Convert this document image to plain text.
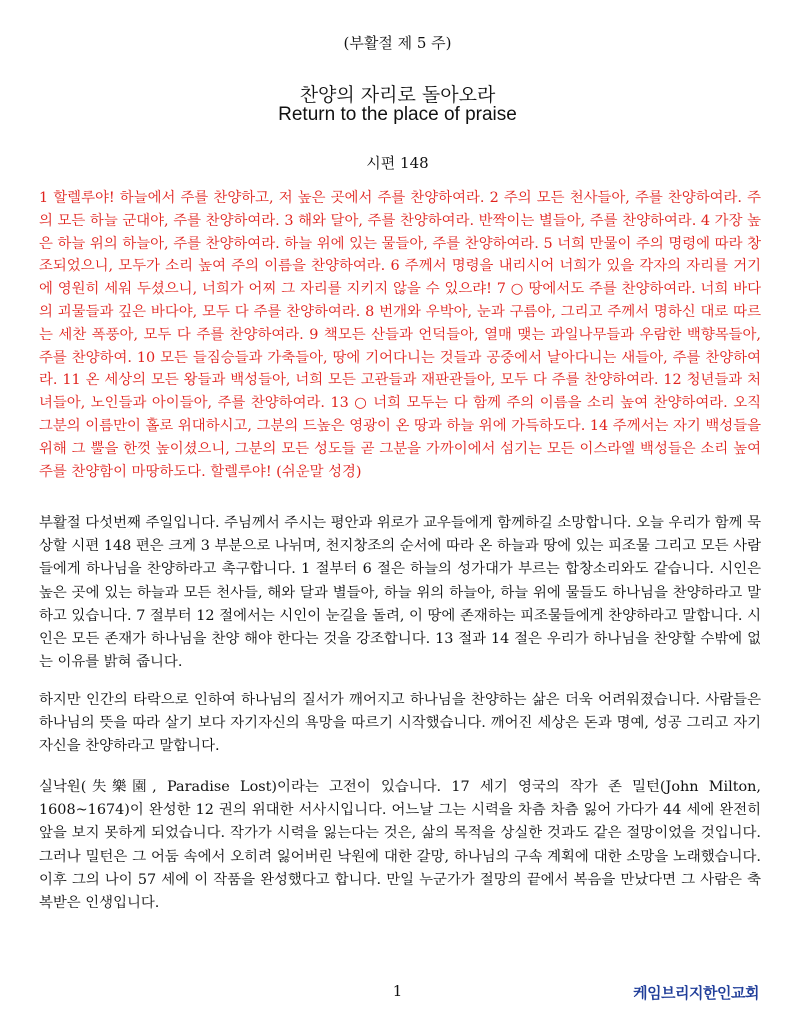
(부활절 제 5 주)
찬양의 자리로 돌아오라
Return to the place of praise
시편 148

1 할렐루야! 하늘에서 주를 찬양하고, 저 높은 곳에서 주를 찬양하여라. 2 주의 모든 천사들아, 주를 찬양하여라. 주의 모든 하늘 군대야, 주를 찬양하여라. 3 해와 달아, 주를 찬양하여라. 반짝이는 별들아, 주를 찬양하여라. 4 가장 높은 하늘 위의 하늘아, 주를 찬양하여라. 하늘 위에 있는 물들아, 주를 찬양하여라. 5 너희 만물이 주의 명령에 따라 창조되었으니, 모두가 소리 높여 주의 이름을 찬양하여라. 6 주께서 명령을 내리시어 너희가 있을 각자의 자리를 거기에 영원히 세워 두셨으니, 너희가 어찌 그 자리를 지키지 않을 수 있으랴! 7 ○ 땅에서도 주를 찬양하여라. 너희 바다의 괴물들과 깊은 바다야, 모두 다 주를 찬양하여라. 8 번개와 우박아, 눈과 구름아, 그리고 주께서 명하신 대로 따르는 세찬 폭풍아, 모두 다 주를 찬양하여라. 9 책모든 산들과 언덕들아, 열매 맺는 과일나무들과 우람한 백향목들아, 주를 찬양하여. 10 모든 들짐승들과 가축들아, 땅에 기어다니는 것들과 공중에서 날아다니는 새들아, 주를 찬양하여라. 11 온 세상의 모든 왕들과 백성들아, 너희 모든 고관들과 재판관들아, 모두 다 주를 찬양하여라. 12 청년들과 처녀들아, 노인들과 아이들아, 주를 찬양하여라. 13 ○ 너희 모두는 다 함께 주의 이름을 소리 높여 찬양하여라. 오직 그분의 이름만이 홀로 위대하시고, 그분의 드높은 영광이 온 땅과 하늘 위에 가득하도다. 14 주께서는 자기 백성들을 위해 그 뿔을 한껏 높이셨으니, 그분의 모든 성도들 곧 그분을 가까이에서 섬기는 모든 이스라엘 백성들은 소리 높여 주를 찬양함이 마땅하도다. 할렐루야! (쉬운말 성경)

부활절 다섯번째 주일입니다. 주님께서 주시는 평안과 위로가 교우들에게 함께하길 소망합니다. 오늘 우리가 함께 묵상할 시편 148 편은 크게 3 부분으로 나뉘며, 천지창조의 순서에 따라 온 하늘과 땅에 있는 피조물 그리고 모든 사람들에게 하나님을 찬양하라고 촉구합니다. 1 절부터 6 절은 하늘의 성가대가 부르는 합창소리와도 같습니다. 시인은 높은 곳에 있는 하늘과 모든 천사들, 해와 달과 별들아, 하늘 위의 하늘아, 하늘 위에 물들도 하나님을 찬양하라고 말하고 있습니다. 7 절부터 12 절에서는 시인이 눈길을 돌려, 이 땅에 존재하는 피조물들에게 찬양하라고 말합니다. 시인은 모든 존재가 하나님을 찬양 해야 한다는 것을 강조합니다. 13 절과 14 절은 우리가 하나님을 찬양할 수밖에 없는 이유를 밝혀 줍니다.

하지만 인간의 타락으로 인하여 하나님의 질서가 깨어지고 하나님을 찬양하는 삶은 더욱 어려워졌습니다. 사람들은 하나님의 뜻을 따라 살기 보다 자기자신의 욕망을 따르기 시작했습니다. 깨어진 세상은 돈과 명예, 성공 그리고 자기자신을 찬양하라고 말합니다.

실낙원(失樂園, Paradise Lost)이라는 고전이 있습니다. 17 세기 영국의 작가 존 밀턴(John Milton, 1608~1674)이 완성한 12 권의 위대한 서사시입니다. 어느날 그는 시력을 차츰 차츰 잃어 가다가 44 세에 완전히 앞을 보지 못하게 되었습니다. 작가가 시력을 잃는다는 것은, 삶의 목적을 상실한 것과도 같은 절망이었을 것입니다. 그러나 밀턴은 그 어둠 속에서 오히려 잃어버린 낙원에 대한 갈망, 하나님의 구속 계획에 대한 소망을 노래했습니다. 이후 그의 나이 57 세에 이 작품을 완성했다고 합니다. 만일 누군가가 절망의 끝에서 복음을 만났다면 그 사람은 축복받은 인생입니다.

1	케임브리지한인교회
